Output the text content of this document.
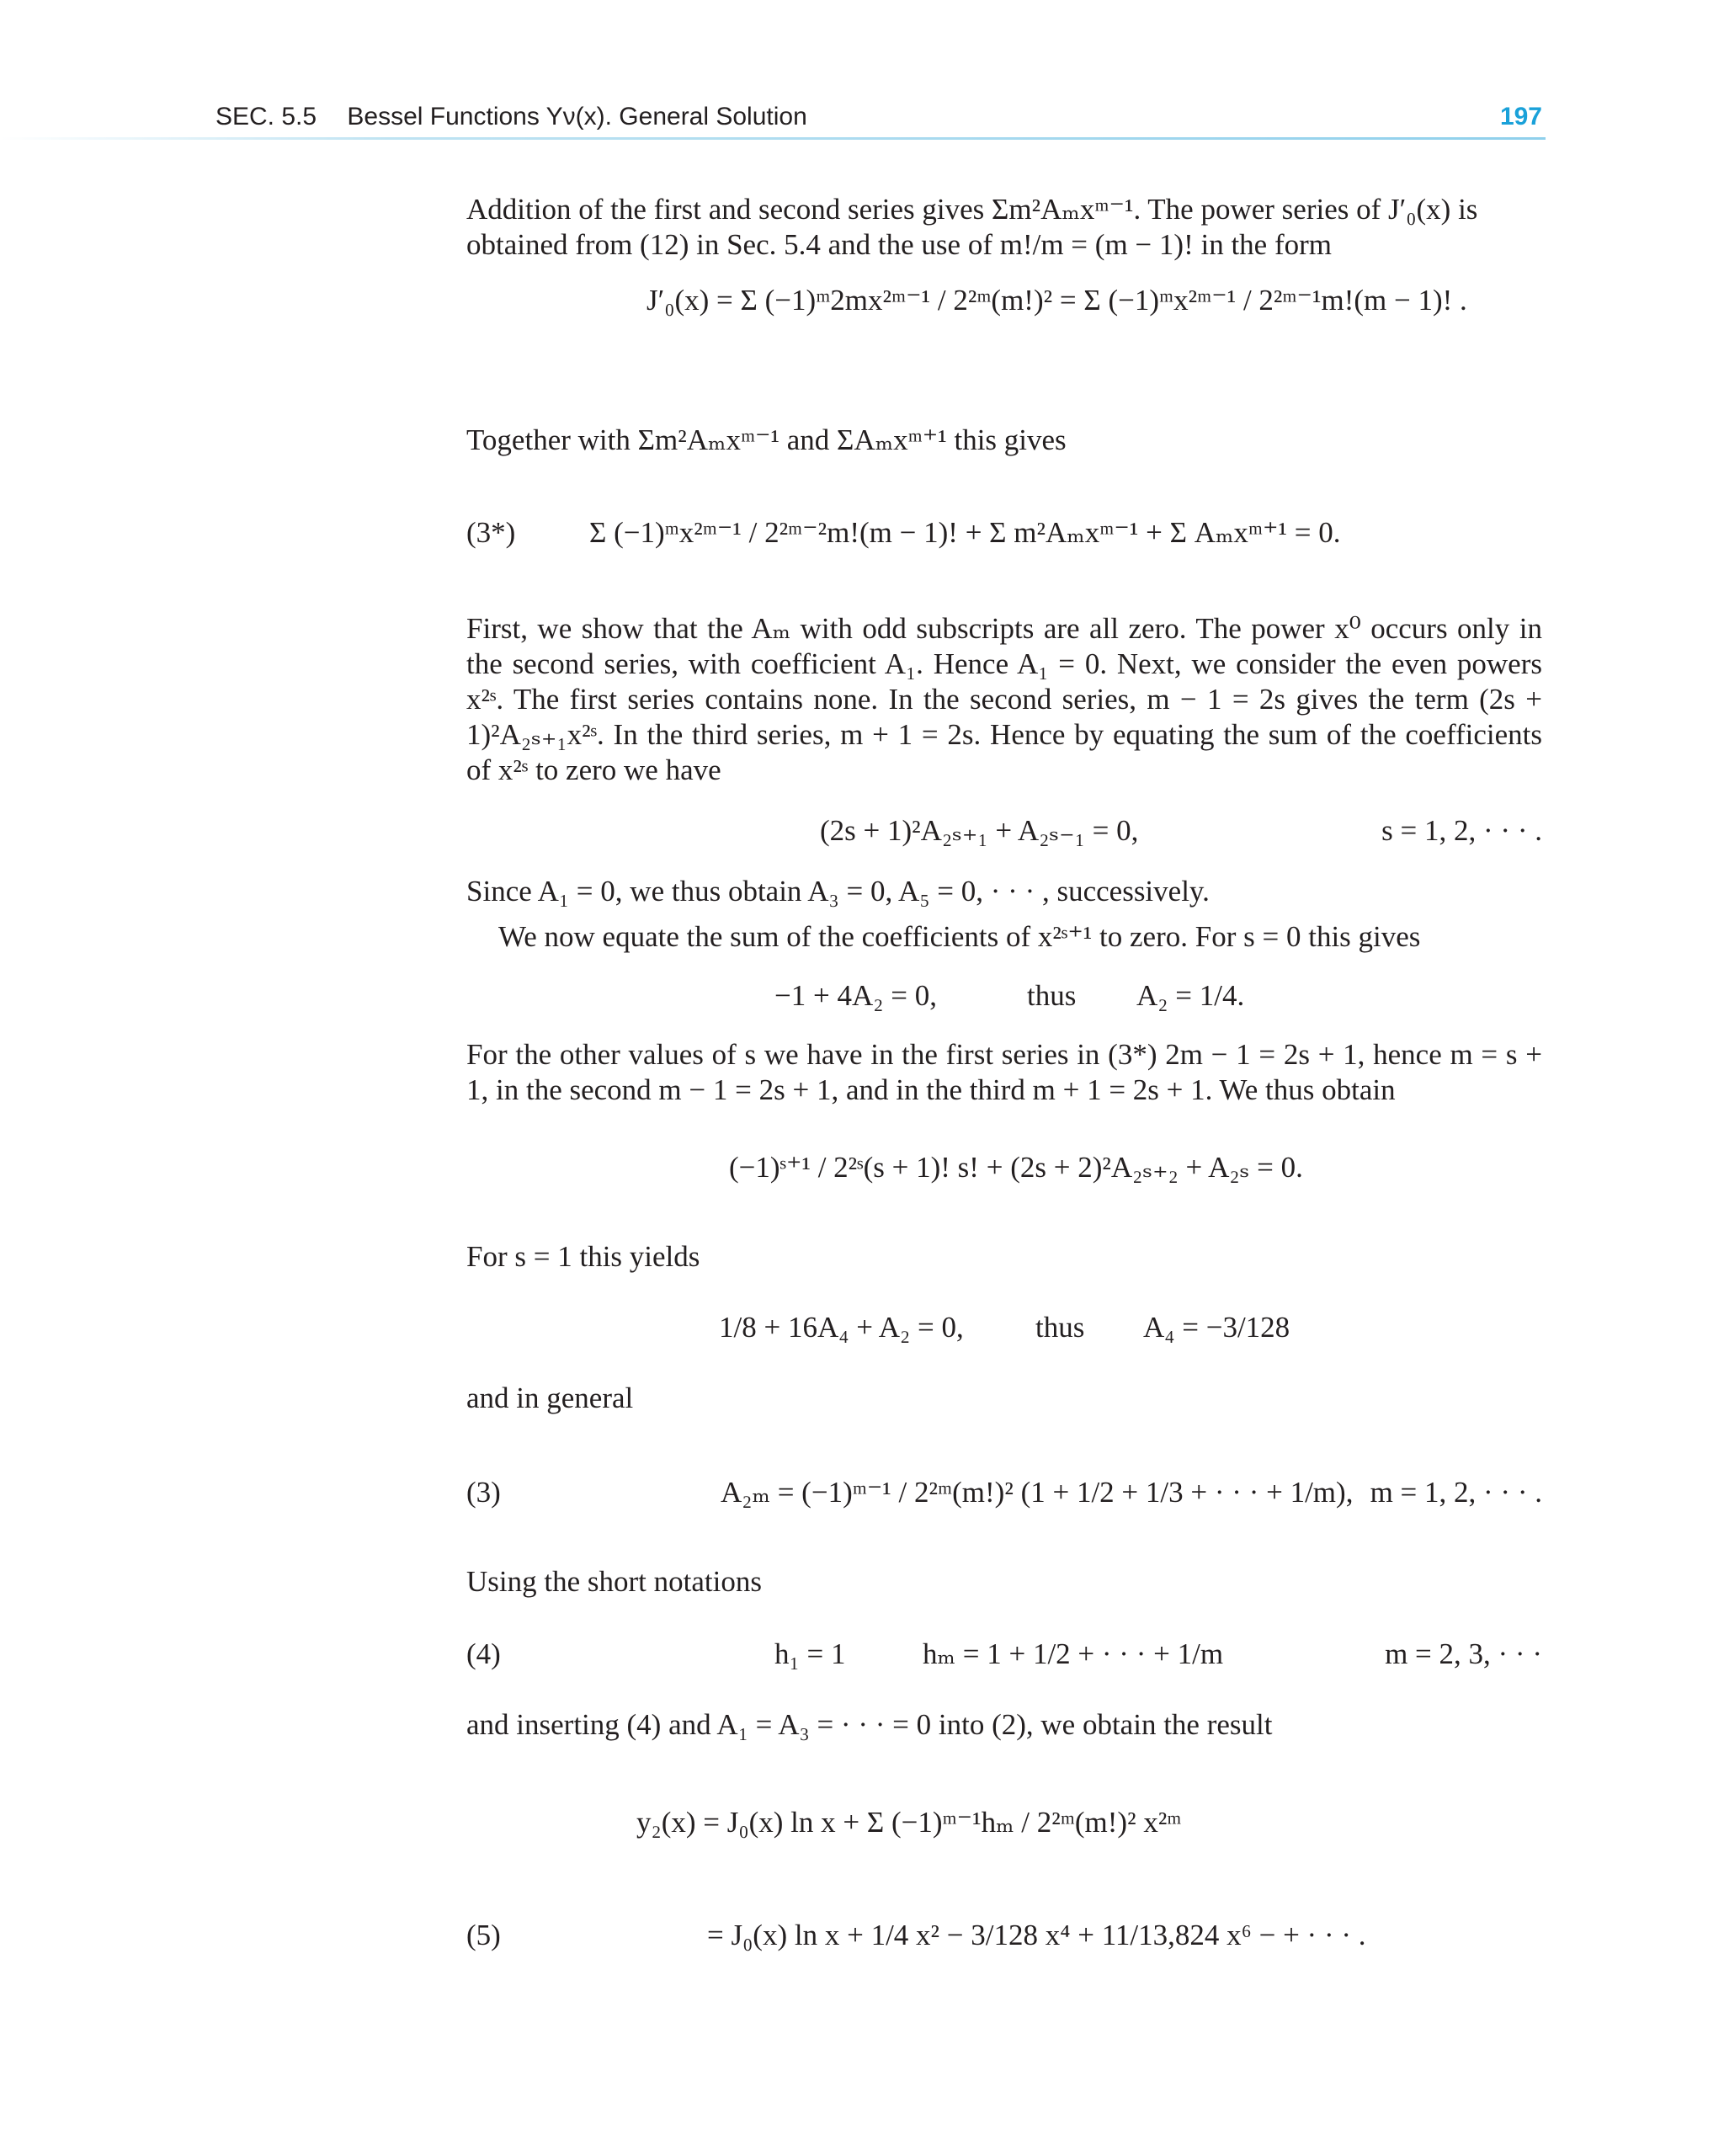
SEC. 5.5 Bessel Functions Yν(x). General Solution	197
Addition of the first and second series gives Σm²Aₘxᵐ⁻¹. The power series of J′₀(x) is
obtained from (12) in Sec. 5.4 and the use of m!/m = (m − 1)! in the form
J′₀(x) = Σ (−1)ᵐ2mx²ᵐ⁻¹ / 2²ᵐ(m!)² = Σ (−1)ᵐx²ᵐ⁻¹ / 2²ᵐ⁻¹m!(m − 1)! .
Together with Σm²Aₘxᵐ⁻¹ and ΣAₘxᵐ⁺¹ this gives
(3*)	Σ (−1)ᵐx²ᵐ⁻¹ / 2²ᵐ⁻²m!(m − 1)! + Σ m²Aₘxᵐ⁻¹ + Σ Aₘxᵐ⁺¹ = 0.
First, we show that the Aₘ with odd subscripts are all zero. The power x⁰ occurs only in the second series, with coefficient A₁. Hence A₁ = 0. Next, we consider the even powers x²ˢ. The first series contains none. In the second series, m − 1 = 2s gives the term (2s + 1)²A₂ₛ₊₁x²ˢ. In the third series, m + 1 = 2s. Hence by equating the sum of the coefficients of x²ˢ to zero we have
(2s + 1)²A₂ₛ₊₁ + A₂ₛ₋₁ = 0,	s = 1, 2, · · · .
Since A₁ = 0, we thus obtain A₃ = 0, A₅ = 0, · · · , successively.
We now equate the sum of the coefficients of x²ˢ⁺¹ to zero. For s = 0 this gives
−1 + 4A₂ = 0,	thus A₂ = 1/4.
For the other values of s we have in the first series in (3*) 2m − 1 = 2s + 1, hence m = s + 1, in the second m − 1 = 2s + 1, and in the third m + 1 = 2s + 1. We thus obtain
(−1)ˢ⁺¹ / 2²ˢ(s + 1)! s! + (2s + 2)²A₂ₛ₊₂ + A₂ₛ = 0.
For s = 1 this yields
1/8 + 16A₄ + A₂ = 0, thus A₄ = −3/128
and in general
(3)	A₂ₘ = (−1)ᵐ⁻¹ / 2²ᵐ(m!)² (1 + 1/2 + 1/3 + · · · + 1/m), m = 1, 2, · · · .
Using the short notations
(4)	h₁ = 1	hₘ = 1 + 1/2 + · · · + 1/m	m = 2, 3, · · ·
and inserting (4) and A₁ = A₃ = · · · = 0 into (2), we obtain the result
y₂(x) = J₀(x) ln x + Σ (−1)ᵐ⁻¹hₘ / 2²ᵐ(m!)² x²ᵐ
(5)	= J₀(x) ln x + 1/4 x² − 3/128 x⁴ + 11/13,824 x⁶ − + · · · .
